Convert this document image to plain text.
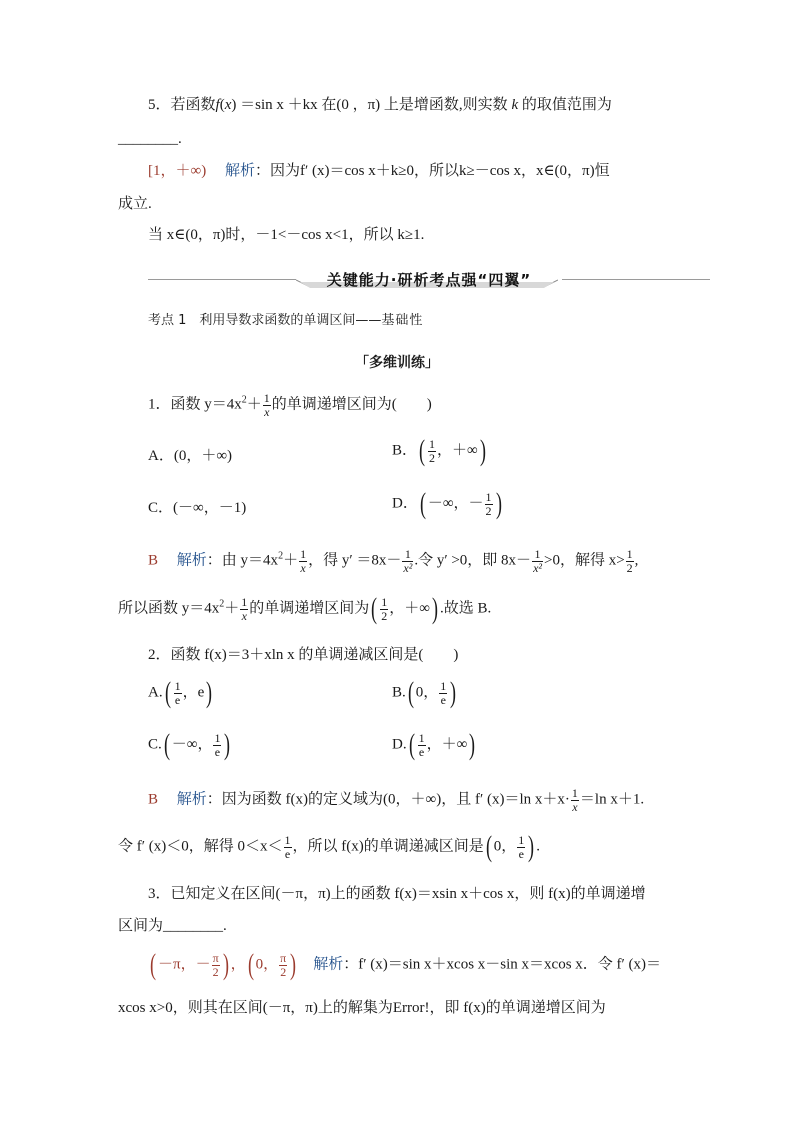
5．若函数f(x) ＝sin x ＋kx 在(0 ，π) 上是增函数,则实数 k 的取值范围为
________.
[1，＋∞)　 解析：因为f′ (x)＝cos x＋k≥0，所以k≥－cos x，x∈(0，π)恒
成立.
当 x∈(0，π)时，－1<－cos x<1，所以 k≥1.
关键能力·研析考点强“四翼”
考点 1　利用导数求函数的单调区间——基础性
「多维训练」
1．函数 $y=4x^2+ \frac{1}{x}$ 的单调递增区间为(　　)
A．(0，＋∞)	B．( $\frac{1}{2}$ ，＋∞)
C．(－∞，－1)	D．( －∞，－ $\frac{1}{2}$ )
B　 解析：由 $y=4x^2+ \frac{1}{x}$ ，得 $y' =8x- \frac{1}{\text{x²}}$ .令 y′ >0，即 $8x- \frac{1}{\text{x²}} >0$，解得 $x> \frac{1}{2}$ ,
所以函数 $y=4x^2+ \frac{1}{x}$ 的单调递增区间为( $\frac{1}{2}$ ，＋∞) .故选 B.
2．函数 f(x)＝3＋xln x 的单调递减区间是(　　)
$A.( \frac{1}{e}$ ，e)	B.( 0， $\frac{1}{e}$ )
C.( －∞， $\frac{1}{e}$ )	$D.( \frac{1}{e}$ ，＋∞)
B　 解析：因为函数 f(x)的定义域为(0，＋∞)，且 f′ (x)＝ln $x+x\cdot \frac{1}{x} =\ln$ x＋1.
令 f′ (x)＜0，解得 $0<x< \frac{1}{e}$ ，所以 f(x)的单调递减区间是( 0， $\frac{1}{e}$ ) .
3．已知定义在区间(－π，π)上的函数 f(x)＝xsin x＋cos x，则 f(x)的单调递增
区间为________.
( －π，－ $\frac{\pi}{2}$ ) ，( 0， $\frac{\pi}{2}$ )　 解析：f′ (x)＝sin x＋xcos x－sin x＝xcos x．令 f′ (x)＝
xcos x>0，则其在区间(－π，π)上的解集为Error!，即 f(x)的单调递增区间为
